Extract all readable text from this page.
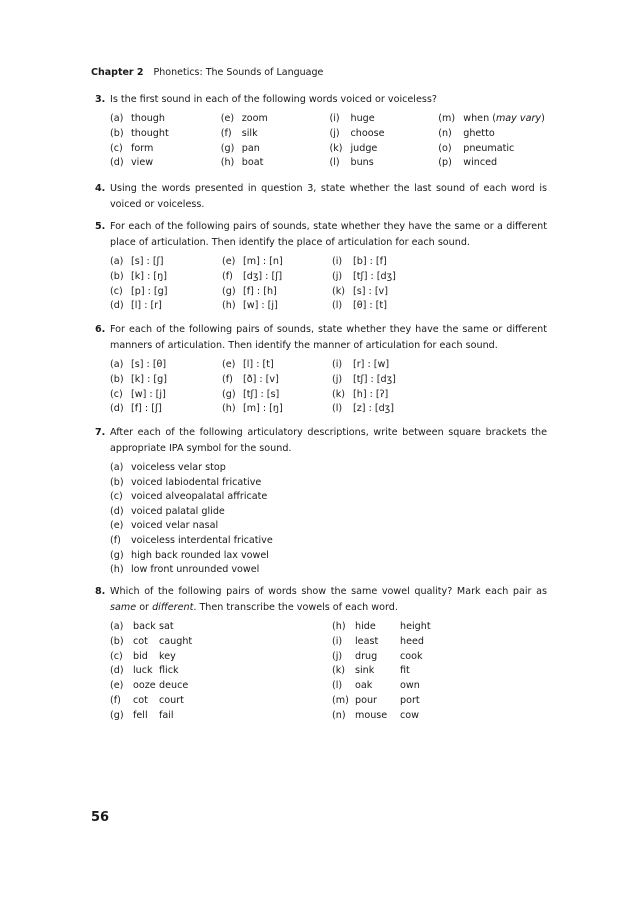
Chapter 2 Phonetics: The Sounds of Language
3. Is the first sound in each of the following words voiced or voiceless?
(a) though	(e) zoom	(i)	huge	(m) when (may vary)
(b) thought	(f)	silk	(j)	choose	(n)	ghetto
(c) form	(g) pan	(k) judge	(o)	pneumatic
(d) view	(h) boat	(l)	buns	(p)	winced
4. Using the words presented in question 3, state whether the last sound of each word is voiced or voiceless.
5. For each of the following pairs of sounds, state whether they have the same or a different place of articulation. Then identify the place of articulation for each sound.
(a) [s] : [ʃ]	(e) [m] : [n]	(i)	[b] : [f]
(b) [k] : [ŋ]	(f)	[dʒ] : [ʃ]	(j)	[tʃ] : [dʒ]
(c) [p] : [g]	(g) [f] : [h]	(k) [s] : [v]
(d) [l] : [r]	(h) [w] : [j]	(l)	[θ] : [t]
6. For each of the following pairs of sounds, state whether they have the same or different manners of articulation. Then identify the manner of articulation for each sound.
(a) [s] : [θ]	(e) [l] : [t]	(i)	[r] : [w]
(b) [k] : [g]	(f)	[ð] : [v]	(j)	[tʃ] : [dʒ]
(c) [w] : [j]	(g) [tʃ] : [s]	(k) [h] : [ʔ]
(d) [f] : [ʃ]	(h) [m] : [ŋ]	(l)	[z] : [dʒ]
7. After each of the following articulatory descriptions, write between square brackets the appropriate IPA symbol for the sound.
(a) voiceless velar stop
(b) voiced labiodental fricative
(c) voiced alveopalatal affricate
(d) voiced palatal glide
(e) voiced velar nasal
(f)	voiceless interdental fricative
(g) high back rounded lax vowel
(h) low front unrounded vowel
8. Which of the following pairs of words show the same vowel quality? Mark each pair as same or different. Then transcribe the vowels of each word.
(a)	back sat	(h) hide	height
(b) cot	caught	(i)	least	heed
(c)	bid	key	(j)	drug	cook
(d) luck flick	(k)	sink	fit
(e)	ooze deuce	(l)	oak	own
(f)	cot	court	(m) pour	port
(g) fell	fail	(n) mouse	cow
56
